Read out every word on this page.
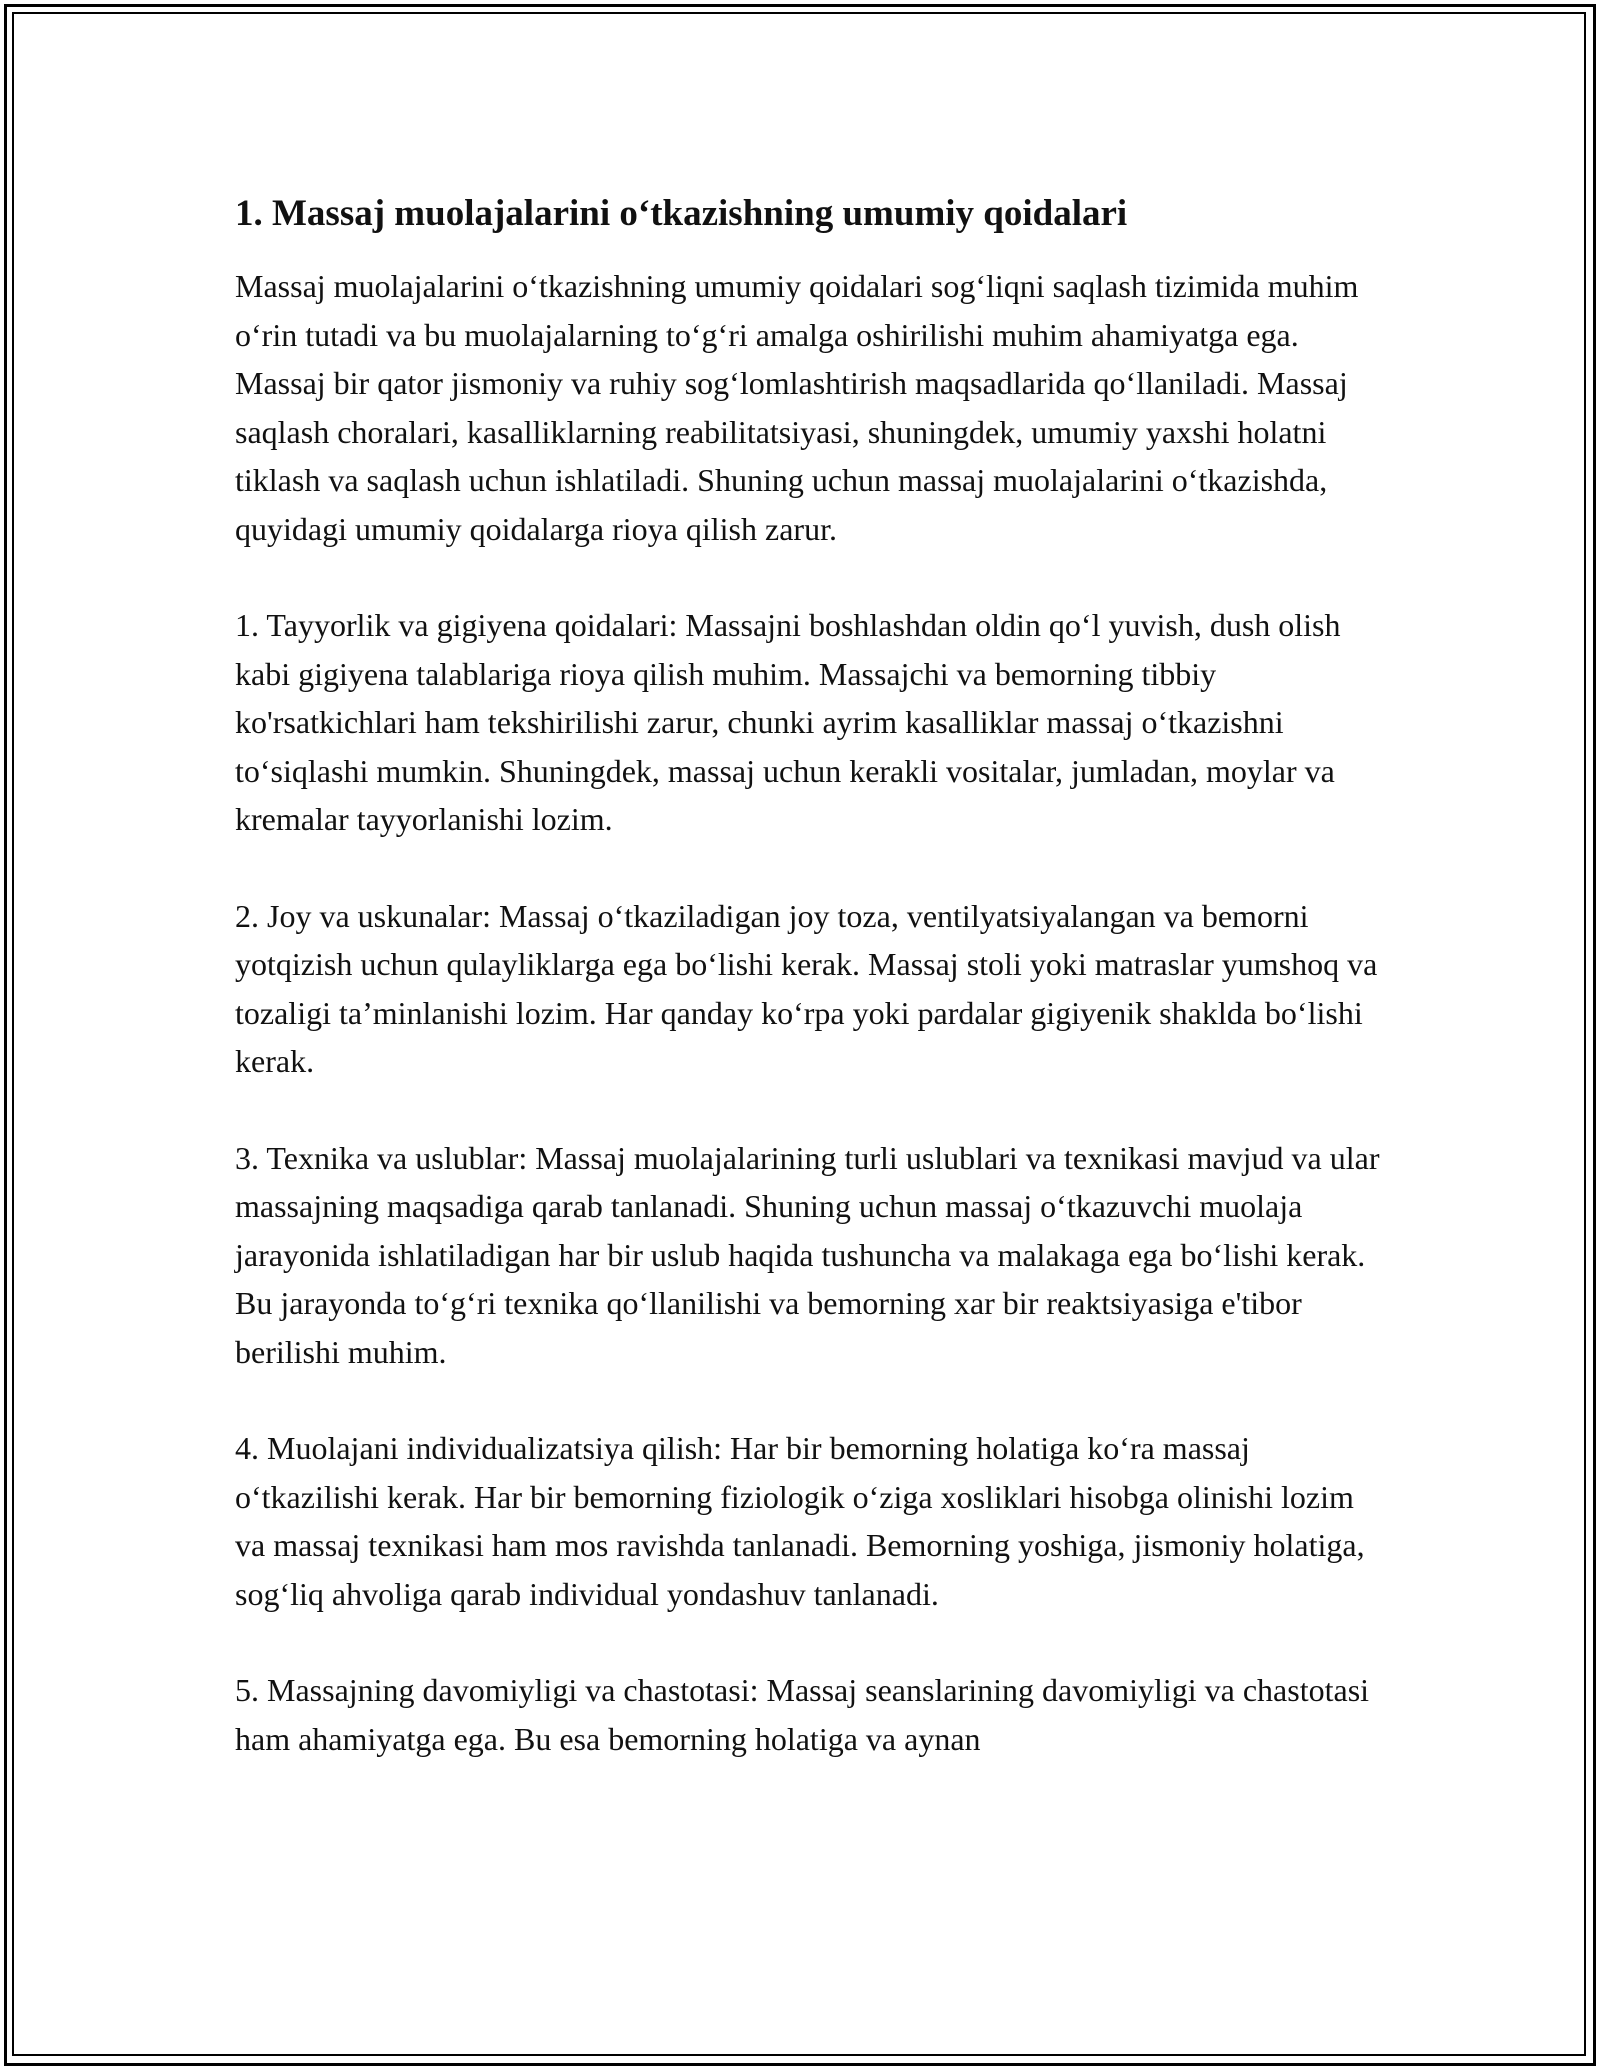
1. Massaj muolajalarini o‘tkazishning umumiy qoidalari

Massaj muolajalarini o‘tkazishning umumiy qoidalari sog‘liqni saqlash tizimida muhim o‘rin tutadi va bu muolajalarning to‘g‘ri amalga oshirilishi muhim ahamiyatga ega. Massaj bir qator jismoniy va ruhiy sog‘lomlashtirish maqsadlarida qo‘llaniladi. Massaj saqlash choralari, kasalliklarning reabilitatsiyasi, shuningdek, umumiy yaxshi holatni tiklash va saqlash uchun ishlatiladi. Shuning uchun massaj muolajalarini o‘tkazishda, quyidagi umumiy qoidalarga rioya qilish zarur.

1. Tayyorlik va gigiyena qoidalari: Massajni boshlashdan oldin qo‘l yuvish, dush olish kabi gigiyena talablariga rioya qilish muhim. Massajchi va bemorning tibbiy ko'rsatkichlari ham tekshirilishi zarur, chunki ayrim kasalliklar massaj o‘tkazishni to‘siqlashi mumkin. Shuningdek, massaj uchun kerakli vositalar, jumladan, moylar va kremalar tayyorlanishi lozim.

2. Joy va uskunalar: Massaj o‘tkaziladigan joy toza, ventilyatsiyalangan va bemorni yotqizish uchun qulayliklarga ega bo‘lishi kerak. Massaj stoli yoki matraslar yumshoq va tozaligi ta’minlanishi lozim. Har qanday ko‘rpa yoki pardalar gigiyenik shaklda bo‘lishi kerak.

3. Texnika va uslublar: Massaj muolajalarining turli uslublari va texnikasi mavjud va ular massajning maqsadiga qarab tanlanadi. Shuning uchun massaj o‘tkazuvchi muolaja jarayonida ishlatiladigan har bir uslub haqida tushuncha va malakaga ega bo‘lishi kerak. Bu jarayonda to‘g‘ri texnika qo‘llanilishi va bemorning xar bir reaktsiyasiga e'tibor berilishi muhim.

4. Muolajani individualizatsiya qilish: Har bir bemorning holatiga ko‘ra massaj o‘tkazilishi kerak. Har bir bemorning fiziologik o‘ziga xosliklari hisobga olinishi lozim va massaj texnikasi ham mos ravishda tanlanadi. Bemorning yoshiga, jismoniy holatiga, sog‘liq ahvoliga qarab individual yondashuv tanlanadi.

5. Massajning davomiyligi va chastotasi: Massaj seanslarining davomiyligi va chastotasi ham ahamiyatga ega. Bu esa bemorning holatiga va aynan
